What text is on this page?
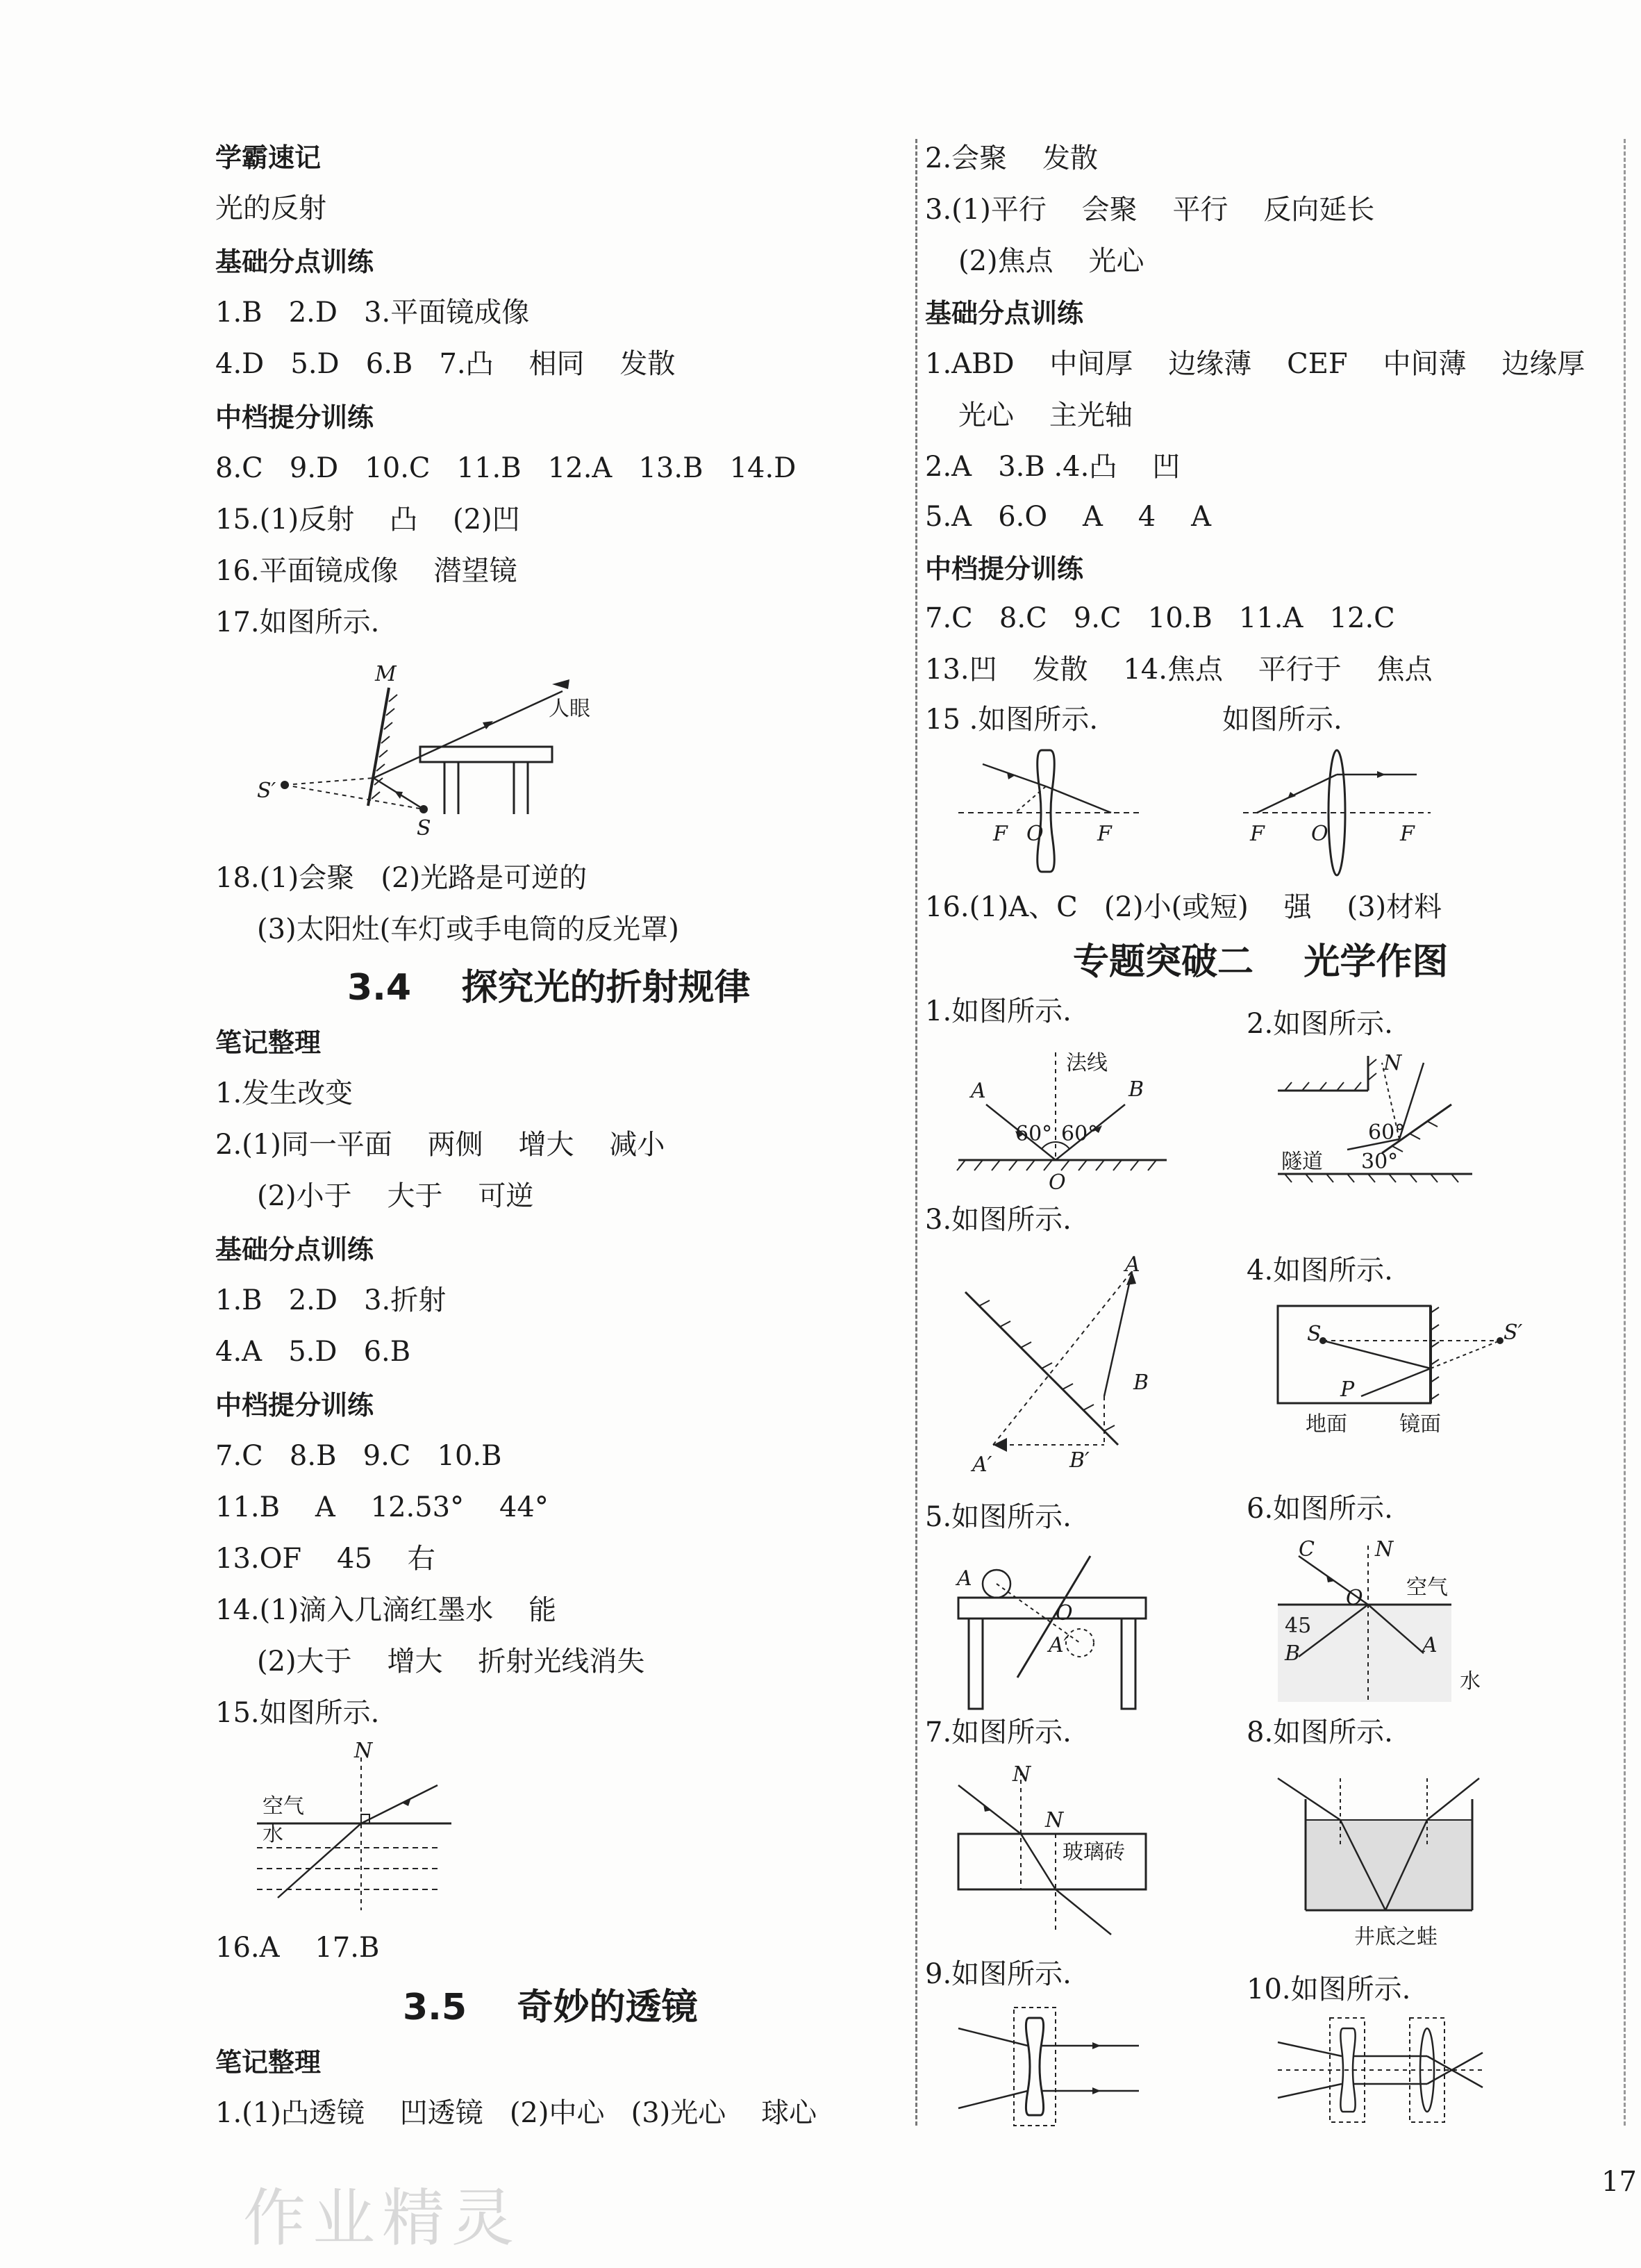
学霸速记
光的反射
基础分点训练
1.B   2.D   3.平面镜成像
4.D   5.D   6.B   7.凸    相同    发散
中档提分训练
8.C   9.D   10.C   11.B   12.A   13.B   14.D
15.(1)反射    凸    (2)凹
16.平面镜成像    潜望镜
17.如图所示.
M
S′
S
人眼
18.(1)会聚   (2)光路是可逆的
(3)太阳灶(车灯或手电筒的反光罩)
3.4    探究光的折射规律
笔记整理
1.发生改变
2.(1)同一平面    两侧    增大    减小
(2)小于    大于    可逆
基础分点训练
1.B   2.D   3.折射
4.A   5.D   6.B
中档提分训练
7.C   8.B   9.C   10.B
11.B    A    12.53°    44°
13.OF    45    右
14.(1)滴入几滴红墨水    能
(2)大于    增大    折射光线消失
15.如图所示.
N
空气
水
16.A    17.B
3.5    奇妙的透镜
笔记整理
1.(1)凸透镜    凹透镜   (2)中心   (3)光心    球心
2.会聚    发散
3.(1)平行    会聚    平行    反向延长
(2)焦点    光心
基础分点训练
1.ABD    中间厚    边缘薄    CEF    中间薄    边缘厚
光心    主光轴
2.A   3.B .4.凸    凹
5.A   6.O    A    4    A
中档提分训练
7.C   8.C   9.C   10.B   11.A   12.C
13.凹    发散    14.焦点    平行于    焦点
15 .如图所示.	如图所示.
F O	F	F O	F
16.(1)A、C   (2)小(或短)    强    (3)材料
专题突破二    光学作图
1.如图所示.	2.如图所示.
法线
A	B
60° 60°
O
N
60°
30°
隧道
3.如图所示.
4.如图所示.
A
B
A′	B′
S	S′
P
地面	镜面
5.如图所示.	6.如图所示.
A
O
A′
N
空气
水
C
O
45
B	A
7.如图所示.	8.如图所示.
N
N
玻璃砖
井底之蛙
9.如图所示.	10.如图所示.
17
作业精灵
